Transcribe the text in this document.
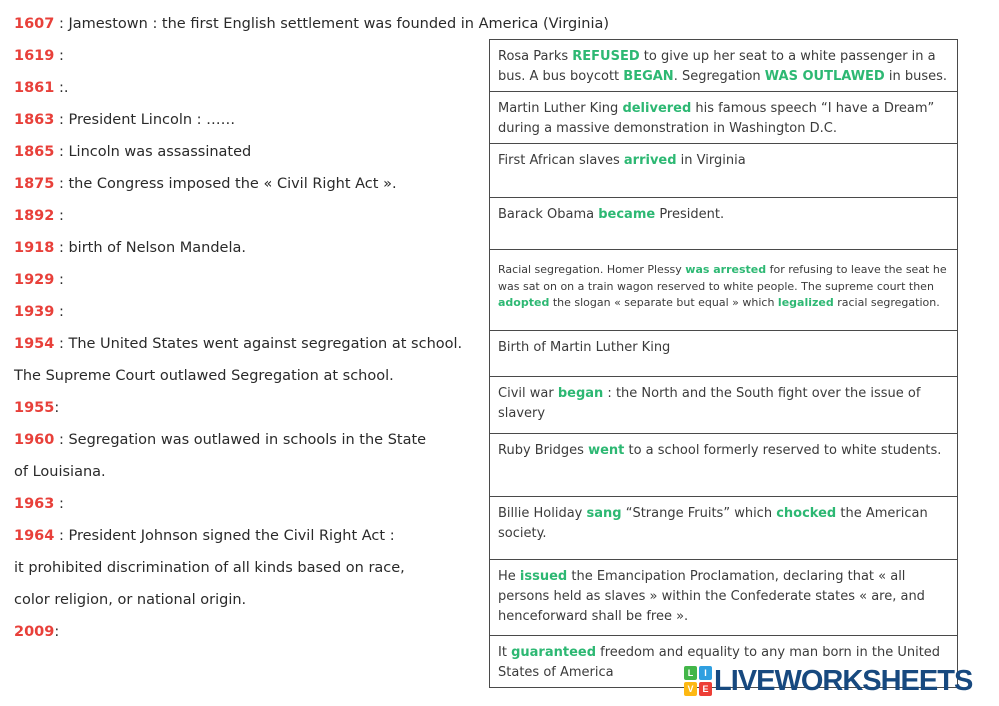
1607 : Jamestown : the first English settlement was founded in America (Virginia)
1619 :
1861 :.
1863 : President Lincoln : ……
1865 : Lincoln was assassinated
1875 : the Congress imposed the « Civil Right Act ».
1892 :
1918 : birth of Nelson Mandela.
1929 :
1939 :
1954 : The United States went against segregation at school.
The Supreme Court outlawed Segregation at school.
1955:
1960 : Segregation was outlawed in schools in the State
of Louisiana.
1963 :
1964 : President Johnson signed the Civil Right Act :
it prohibited discrimination of all kinds based on race,
color religion, or national origin.
2009:
Rosa Parks REFUSED to give up her seat to a white passenger in a bus. A bus boycott BEGAN. Segregation WAS OUTLAWED in buses.
Martin Luther King delivered his famous speech “I have a Dream” during a massive demonstration in Washington D.C.
First African slaves arrived in Virginia
Barack Obama became President.
Racial segregation. Homer Plessy was arrested for refusing to leave the seat he was sat on on a train wagon reserved to white people. The supreme court then adopted the slogan « separate but equal » which legalized racial segregation.
Birth of Martin Luther King
Civil war began : the North and the South fight over the issue of slavery
Ruby Bridges went to a school formerly reserved to white students.
Billie Holiday sang “Strange Fruits” which chocked the American society.
He issued the Emancipation Proclamation, declaring that « all persons held as slaves » within the Confederate states « are, and henceforward shall be free ».
It guaranteed freedom and equality to any man born in the United States of America	L	I
V E LIVEWORKSHEETS
